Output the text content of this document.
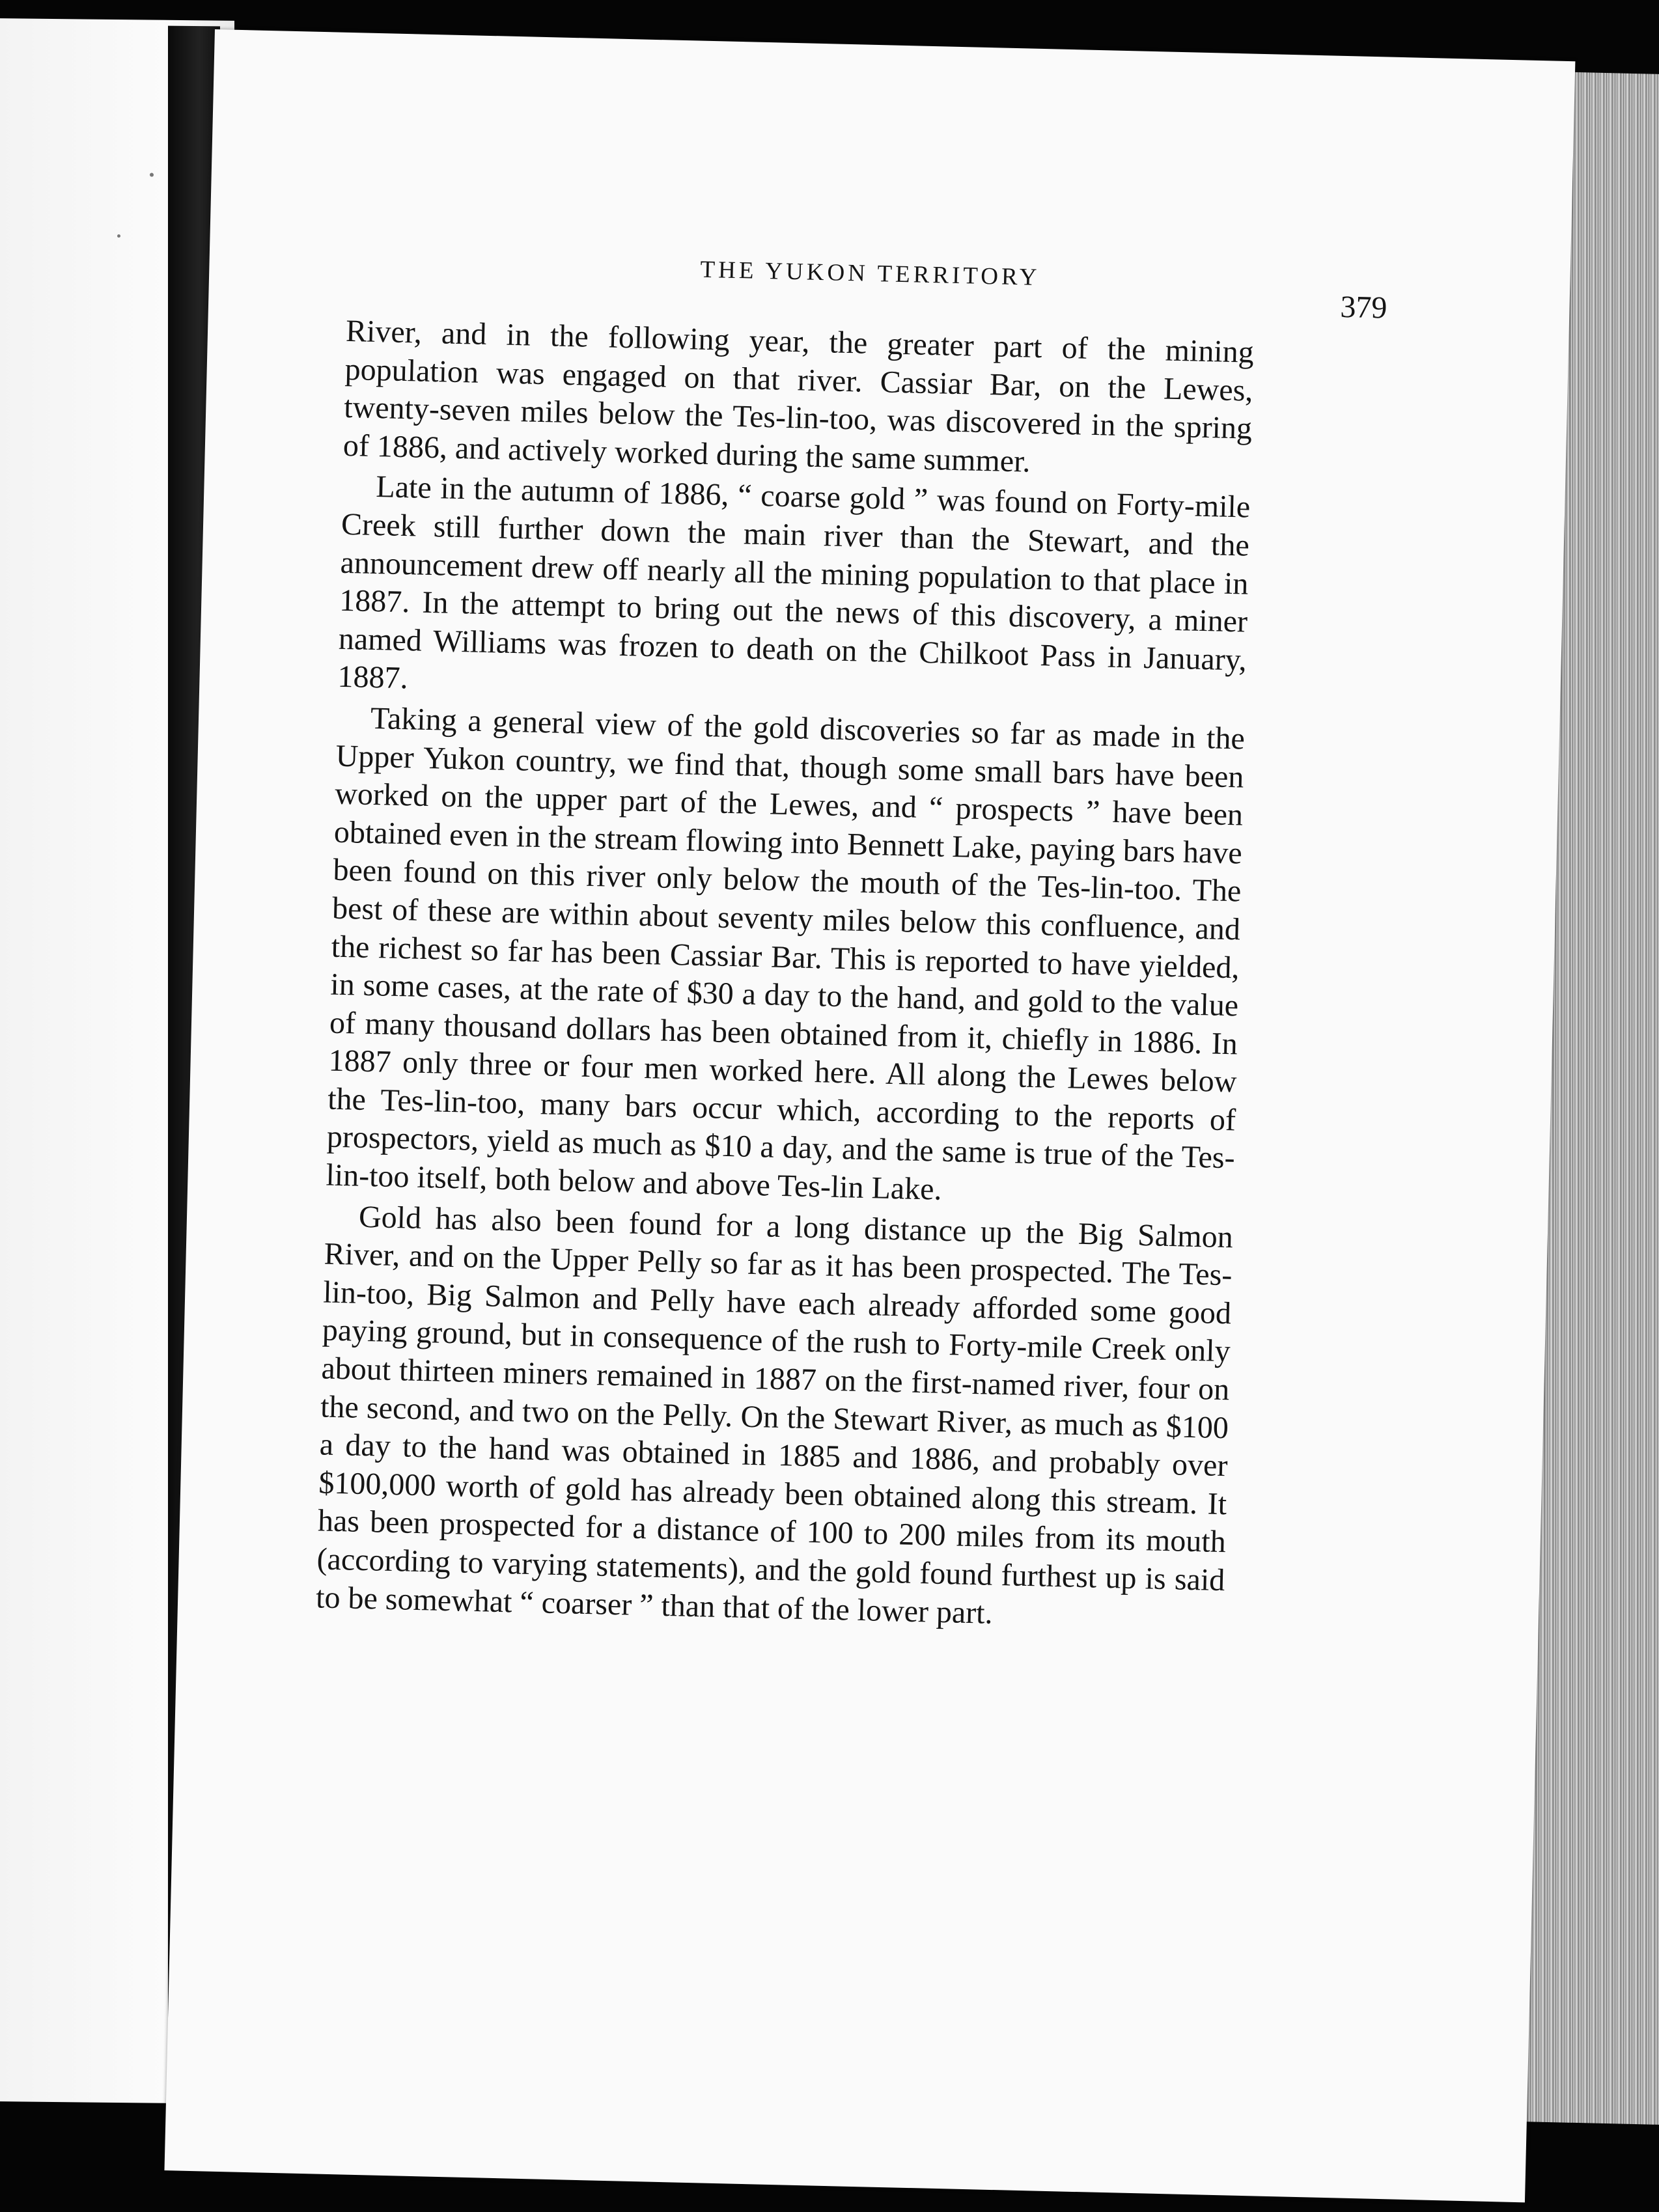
THE YUKON TERRITORY
379

River, and in the following year, the greater part of the mining population was engaged on that river. Cassiar Bar, on the Lewes, twenty-seven miles below the Tes-lin-too, was discovered in the spring of 1886, and actively worked during the same summer.

Late in the autumn of 1886, “ coarse gold ” was found on Forty-mile Creek still further down the main river than the Stewart, and the announcement drew off nearly all the mining population to that place in 1887. In the attempt to bring out the news of this discovery, a miner named Williams was frozen to death on the Chilkoot Pass in January, 1887.

Taking a general view of the gold discoveries so far as made in the Upper Yukon country, we find that, though some small bars have been worked on the upper part of the Lewes, and “ prospects ” have been obtained even in the stream flowing into Bennett Lake, paying bars have been found on this river only below the mouth of the Tes-lin-too. The best of these are within about seventy miles below this confluence, and the richest so far has been Cassiar Bar. This is reported to have yielded, in some cases, at the rate of $30 a day to the hand, and gold to the value of many thousand dollars has been obtained from it, chiefly in 1886. In 1887 only three or four men worked here. All along the Lewes below the Tes-lin-too, many bars occur which, according to the reports of prospectors, yield as much as $10 a day, and the same is true of the Tes-lin-too itself, both below and above Tes-lin Lake.

Gold has also been found for a long distance up the Big Salmon River, and on the Upper Pelly so far as it has been prospected. The Tes-lin-too, Big Salmon and Pelly have each already afforded some good paying ground, but in consequence of the rush to Forty-mile Creek only about thirteen miners remained in 1887 on the first-named river, four on the second, and two on the Pelly. On the Stewart River, as much as $100 a day to the hand was obtained in 1885 and 1886, and probably over $100,000 worth of gold has already been obtained along this stream. It has been prospected for a distance of 100 to 200 miles from its mouth (according to varying statements), and the gold found furthest up is said to be somewhat “ coarser ” than that of the lower part.
